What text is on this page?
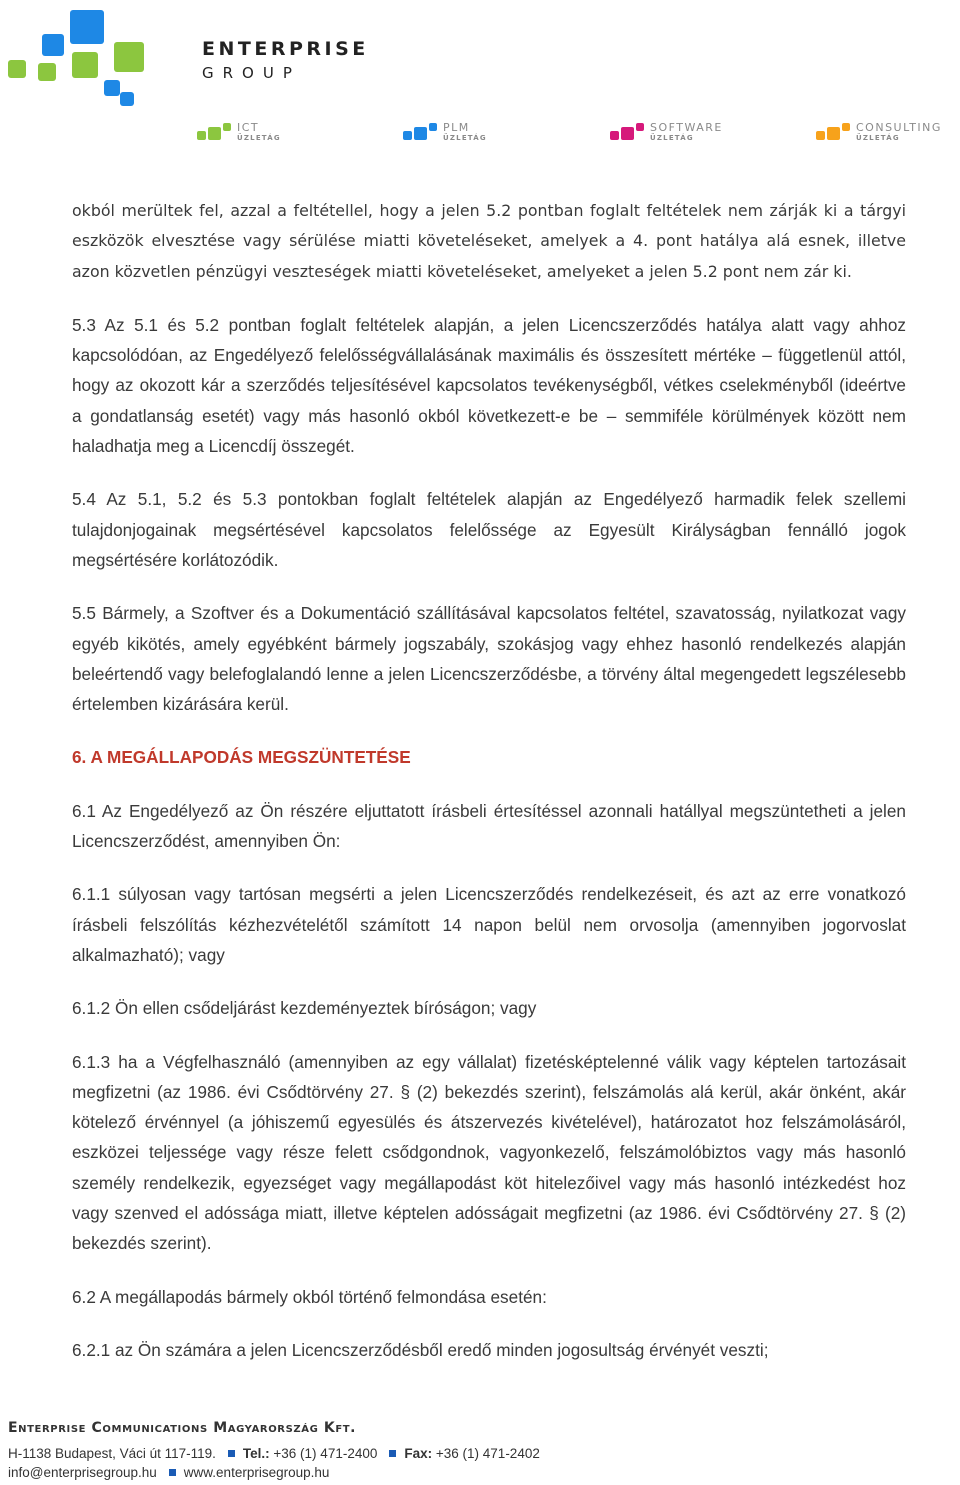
ENTERPRISE
GROUP
ICT
ÜZLETÁG
PLM
ÜZLETÁG
SOFTWARE
ÜZLETÁG
CONSULTING
ÜZLETÁG

okból merültek fel, azzal a feltétellel, hogy a jelen 5.2 pontban foglalt feltételek nem zárják ki a tárgyi eszközök elvesztése vagy sérülése miatti követeléseket, amelyek a 4. pont hatálya alá esnek, illetve azon közvetlen pénzügyi veszteségek miatti követeléseket, amelyeket a jelen 5.2 pont nem zár ki.

5.3 Az 5.1 és 5.2 pontban foglalt feltételek alapján, a jelen Licencszerződés hatálya alatt vagy ahhoz kapcsolódóan, az Engedélyező felelősségvállalásának maximális és összesített mértéke – függetlenül attól, hogy az okozott kár a szerződés teljesítésével kapcsolatos tevékenységből, vétkes cselekményből (ideértve a gondatlanság esetét) vagy más hasonló okból következett-e be – semmiféle körülmények között nem haladhatja meg a Licencdíj összegét.

5.4 Az 5.1, 5.2 és 5.3 pontokban foglalt feltételek alapján az Engedélyező harmadik felek szellemi tulajdonjogainak megsértésével kapcsolatos felelőssége az Egyesült Királyságban fennálló jogok megsértésére korlátozódik.

5.5 Bármely, a Szoftver és a Dokumentáció szállításával kapcsolatos feltétel, szavatosság, nyilatkozat vagy egyéb kikötés, amely egyébként bármely jogszabály, szokásjog vagy ehhez hasonló rendelkezés alapján beleértendő vagy belefoglalandó lenne a jelen Licencszerződésbe, a törvény által megengedett legszélesebb értelemben kizárására kerül.

6. A MEGÁLLAPODÁS MEGSZÜNTETÉSE

6.1 Az Engedélyező az Ön részére eljuttatott írásbeli értesítéssel azonnali hatállyal megszüntetheti a jelen Licencszerződést, amennyiben Ön:

6.1.1 súlyosan vagy tartósan megsérti a jelen Licencszerződés rendelkezéseit, és azt az erre vonatkozó írásbeli felszólítás kézhezvételétől számított 14 napon belül nem orvosolja (amennyiben jogorvoslat alkalmazható); vagy

6.1.2 Ön ellen csődeljárást kezdeményeztek bíróságon; vagy

6.1.3 ha a Végfelhasználó (amennyiben az egy vállalat) fizetésképtelenné válik vagy képtelen tartozásait megfizetni (az 1986. évi Csődtörvény 27. § (2) bekezdés szerint), felszámolás alá kerül, akár önként, akár kötelező érvénnyel (a jóhiszemű egyesülés és átszervezés kivételével), határozatot hoz felszámolásáról, eszközei teljessége vagy része felett csődgondnok, vagyonkezelő, felszámolóbiztos vagy más hasonló személy rendelkezik, egyezséget vagy megállapodást köt hitelezőivel vagy más hasonló intézkedést hoz vagy szenved el adóssága miatt, illetve képtelen adósságait megfizetni (az 1986. évi Csődtörvény 27. § (2) bekezdés szerint).

6.2 A megállapodás bármely okból történő felmondása esetén:

6.2.1 az Ön számára a jelen Licencszerződésből eredő minden jogosultság érvényét veszti;

Enterprise Communications Magyarország Kft.
H-1138 Budapest, Váci út 117-119. Tel.: +36 (1) 471-2400 Fax: +36 (1) 471-2402
info@enterprisegroup.hu www.enterprisegroup.hu
